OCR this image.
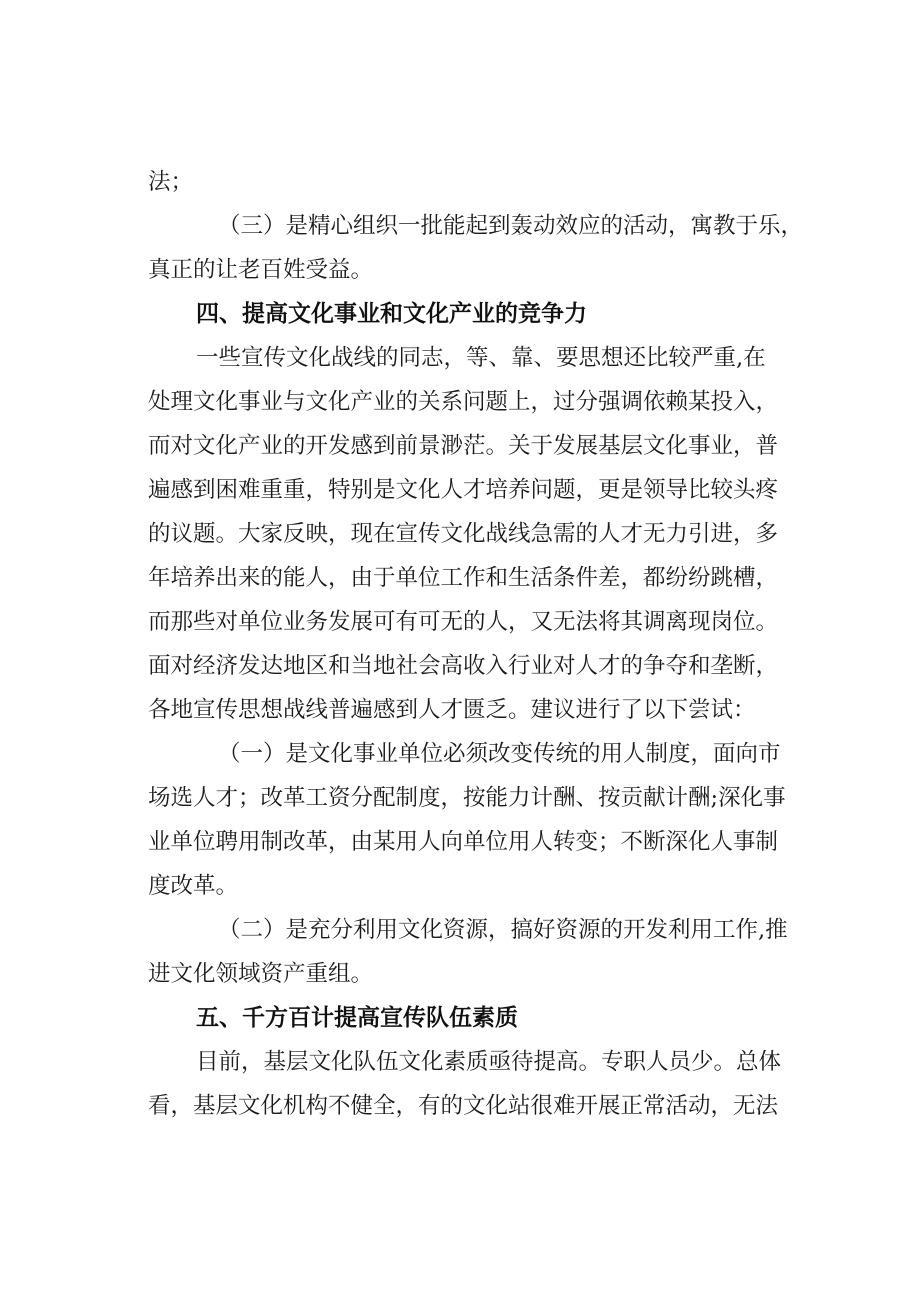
法；
（三）是精心组织一批能起到轰动效应的活动，寓教于乐，
真正的让老百姓受益。
四、提高文化事业和文化产业的竞争力
一些宣传文化战线的同志，等、靠、要思想还比较严重,在
处理文化事业与文化产业的关系问题上，过分强调依赖某投入，
而对文化产业的开发感到前景渺茫。关于发展基层文化事业，普
遍感到困难重重，特别是文化人才培养问题，更是领导比较头疼
的议题。大家反映，现在宣传文化战线急需的人才无力引进，多
年培养出来的能人，由于单位工作和生活条件差，都纷纷跳槽，
而那些对单位业务发展可有可无的人，又无法将其调离现岗位。
面对经济发达地区和当地社会高收入行业对人才的争夺和垄断，
各地宣传思想战线普遍感到人才匮乏。建议进行了以下尝试：
（一）是文化事业单位必须改变传统的用人制度，面向市
场选人才；改革工资分配制度，按能力计酬、按贡献计酬;深化事
业单位聘用制改革，由某用人向单位用人转变；不断深化人事制
度改革。
（二）是充分利用文化资源，搞好资源的开发利用工作,推
进文化领域资产重组。
五、千方百计提高宣传队伍素质
目前，基层文化队伍文化素质亟待提高。专职人员少。总体
看，基层文化机构不健全，有的文化站很难开展正常活动，无法
